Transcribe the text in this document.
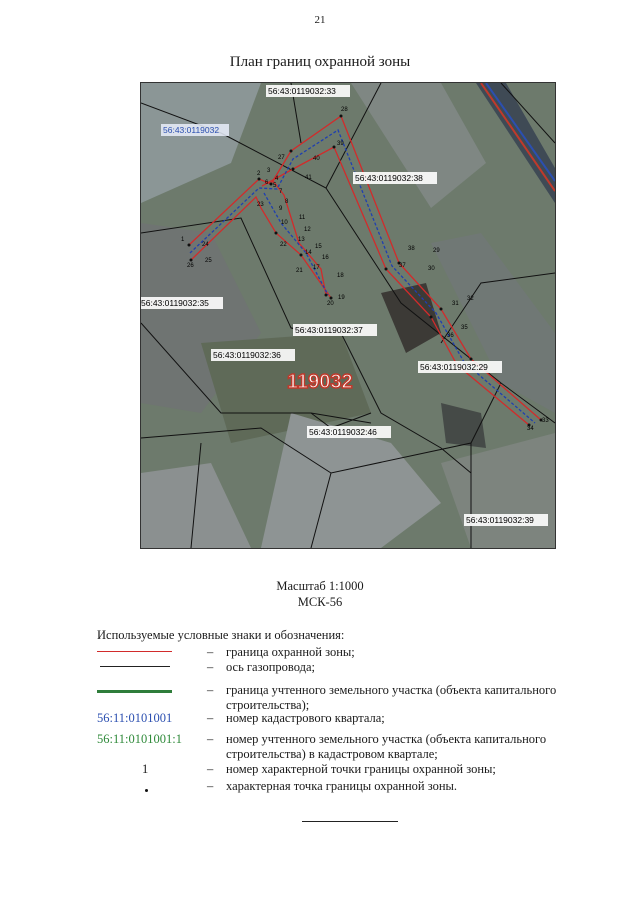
21
План границ охранной зоны
1
2 3
4
5
6
7
8
9
10
11
12
13
14
15
16
17
18
19
20
21
22
23
24
25
26
27
28
29
30
31
32
33
34
35
36
37
38
39
40
41
56:43:0119032
56:43:0119032:33
56:43:0119032:38
56:43:0119032:35
56:43:0119032:37
56:43:0119032:36
56:43:0119032:29
56:43:0119032:46
56:43:0119032:39
119032
Масштаб 1:1000
МСК-56
Используемые условные знаки и обозначения:
– граница охранной зоны;
– ось газопровода;
– граница учтенного земельного участка (объекта капитального строительства);
56:11:0101001	– номер кадастрового квартала;
56:11:0101001:1	– номер учтенного земельного участка (объекта капитального строительства) в кадастровом квартале;
1	– номер характерной точки границы охранной зоны;
– характерная точка границы охранной зоны.
